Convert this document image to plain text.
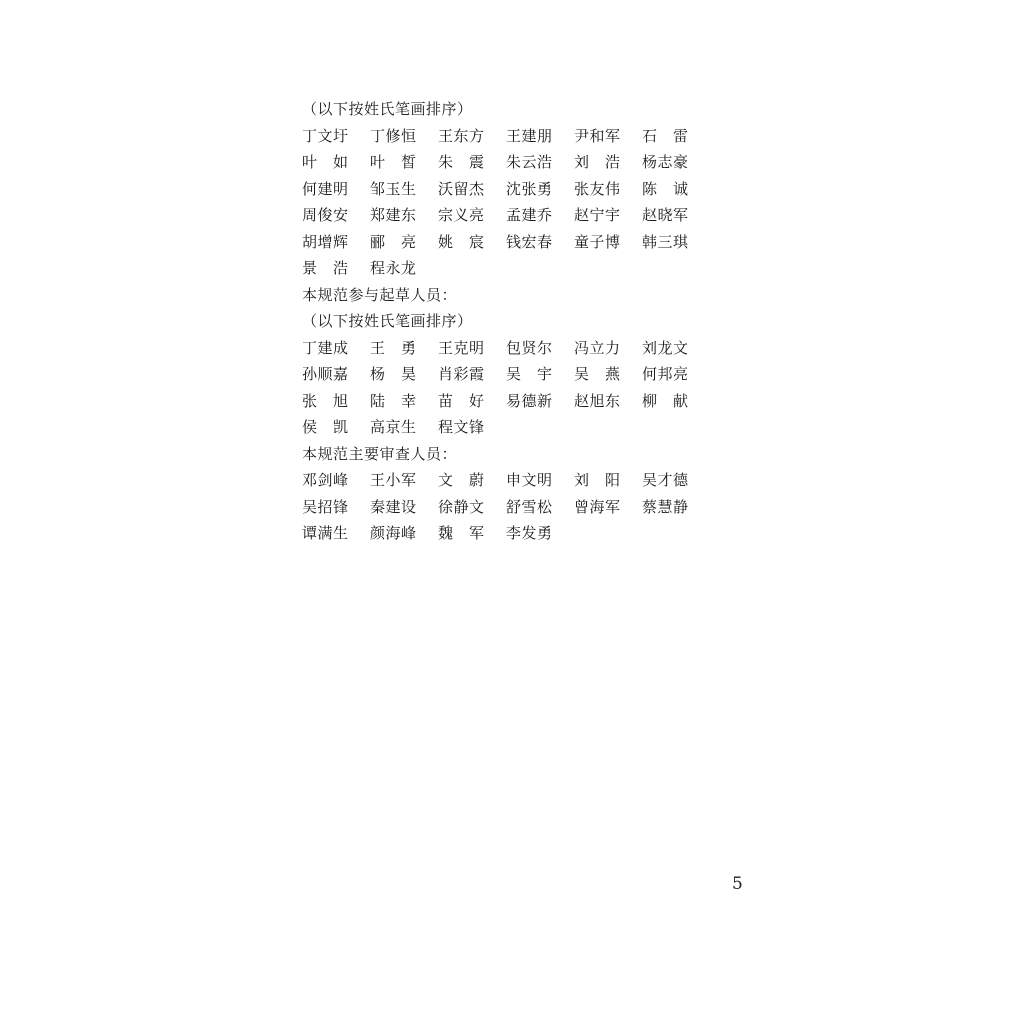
（以下按姓氏笔画排序）
丁文圩	丁修恒	王东方	王建朋	尹和军	石　雷
叶　如	叶　皙	朱　震	朱云浩	刘　浩	杨志豪
何建明	邹玉生	沃留杰	沈张勇	张友伟	陈　诚
周俊安	郑建东	宗义亮	孟建乔	赵宁宇	赵晓军
胡增辉	郦　亮	姚　宸	钱宏春	童子博	韩三琪
景　浩	程永龙
本规范参与起草人员：
（以下按姓氏笔画排序）
丁建成	王　勇	王克明	包贤尔	冯立力	刘龙文
孙顺嘉	杨　昊	肖彩霞	吴　宇	吴　燕	何邦亮
张　旭	陆　幸	苗　好	易德新	赵旭东	柳　献
侯　凯	高京生	程文锋
本规范主要审查人员：
邓剑峰	王小军	文　蔚	申文明	刘　阳	吴才德
吴招锋	秦建设	徐静文	舒雪松	曾海军	蔡慧静
谭满生	颜海峰	魏　军	李发勇
5
